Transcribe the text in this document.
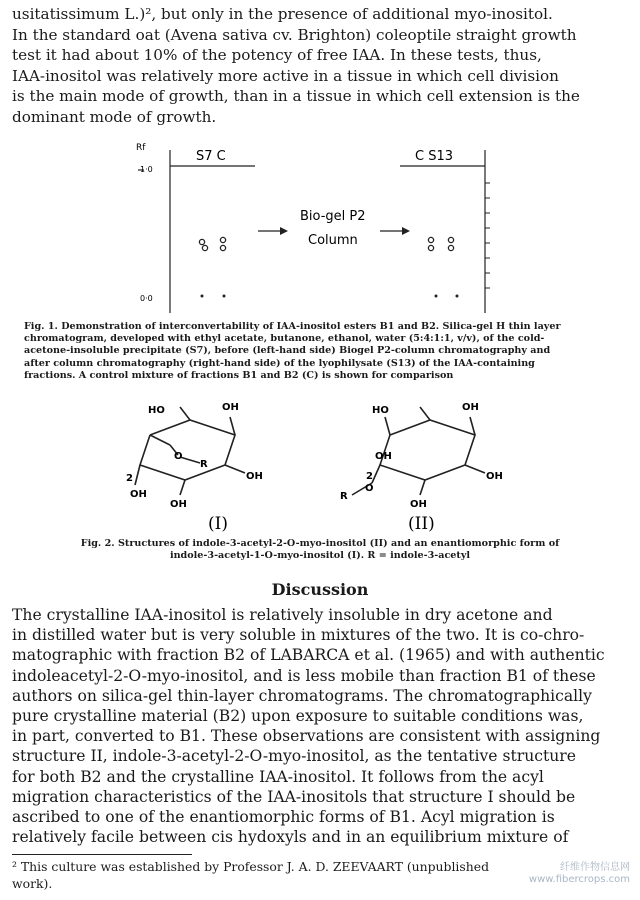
usitatissimum L.)², but only in the presence of additional myo-inositol.
In the standard oat (Avena sativa cv. Brighton) coleoptile straight growth
test it had about 10% of the potency of free IAA. In these tests, thus,
IAA-inositol was relatively more active in a tissue in which cell division
is the main mode of growth, than in a tissue in which cell extension is the
dominant mode of growth.
Rf
1·0
0·0
S7 C	C S13
Bio-gel P2
Column
Fig. 1. Demonstration of interconvertability of IAA-inositol esters B1 and B2. Silica-gel H thin layer
chromatogram, developed with ethyl acetate, butanone, ethanol, water (5:4:1:1, v/v), of the cold-
acetone-insoluble precipitate (S7), before (left-hand side) Biogel P2-column chromatography and
after column chromatography (right-hand side) of the lyophilysate (S13) of the IAA-containing
fractions. A control mixture of fractions B1 and B2 (C) is shown for comparison
HO	OH
OH
OH
OH
O
R
2
HO	OH
OH
OH
OH
O
R
2
(I)	(II)
Fig. 2. Structures of indole-3-acetyl-2-O-myo-inositol (II) and an enantiomorphic form of
indole-3-acetyl-1-O-myo-inositol (I). R = indole-3-acetyl
Discussion
The crystalline IAA-inositol is relatively insoluble in dry acetone and
in distilled water but is very soluble in mixtures of the two. It is co-chro-
matographic with fraction B2 of LABARCA et al. (1965) and with authentic
indoleacetyl-2-O-myo-inositol, and is less mobile than fraction B1 of these
authors on silica-gel thin-layer chromatograms. The chromatographically
pure crystalline material (B2) upon exposure to suitable conditions was,
in part, converted to B1. These observations are consistent with assigning
structure II, indole-3-acetyl-2-O-myo-inositol, as the tentative structure
for both B2 and the crystalline IAA-inositol. It follows from the acyl
migration characteristics of the IAA-inositols that structure I should be
ascribed to one of the enantiomorphic forms of B1. Acyl migration is
relatively facile between cis hydoxyls and in an equilibrium mixture of
² This culture was established by Professor J. A. D. ZEEVAART (unpublished
work).
纤维作物信息网
www.fibercrops.com
